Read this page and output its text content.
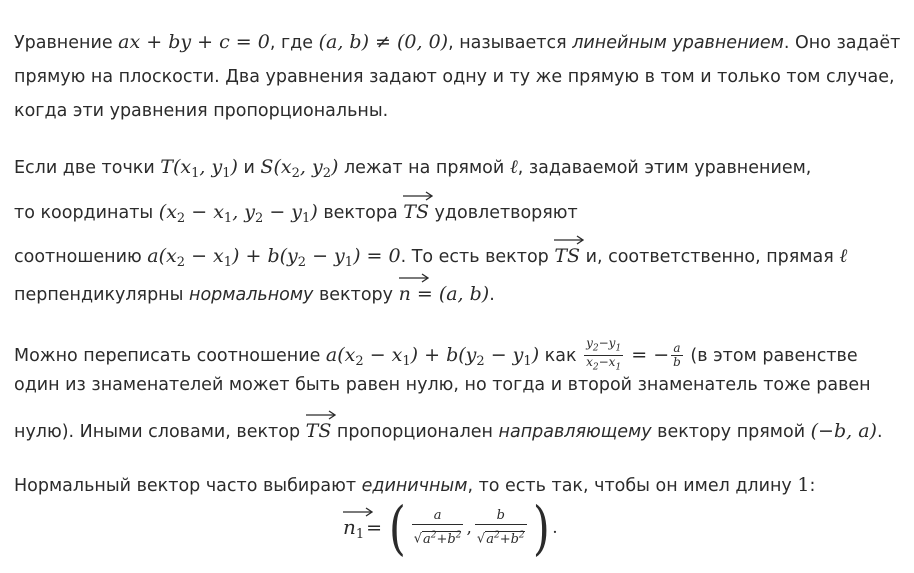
Уравнение ax + by + c = 0, где (a, b) ≠ (0, 0), называется линейным уравнением. Оно задаёт
прямую на плоскости. Два уравнения задают одну и ту же прямую в том и только том случае,
когда эти уравнения пропорциональны.
Если две точки $T(x_1$, $y_1$) и $S(x_2$, $y_2$) лежат на прямой ℓ, задаваемой этим уравнением,
то координаты ($x_2 - x_1$, $y_2 - y_1$) вектора
TS удовлетворяют
соотношению $a(x_2 - x_1) + b(y_2 - y_1) = 0$. То есть вектор
TS и, соответственно, прямая ℓ
перпендикулярны нормальному вектору
n = (a, b).
Можно переписать соотношение $a(x_2 - x_1) + b(y_2 - y_1)$ как $\frac{y_2-y_1}{x_2-x_1}$ = − $\frac{a}{b} (в$ этом равенстве
один из знаменателей может быть равен нулю, но тогда и второй знаменатель тоже равен
нулю). Иными словами, вектор
TS пропорционален направляющему вектору прямой (−b, a).
Нормальный вектор часто выбирают единичным, то есть так, чтобы он имел длину 1:
$n_1$ = ( a
$√a^2+b^2$ ,
b
$√a^2+b^2$ ) .
